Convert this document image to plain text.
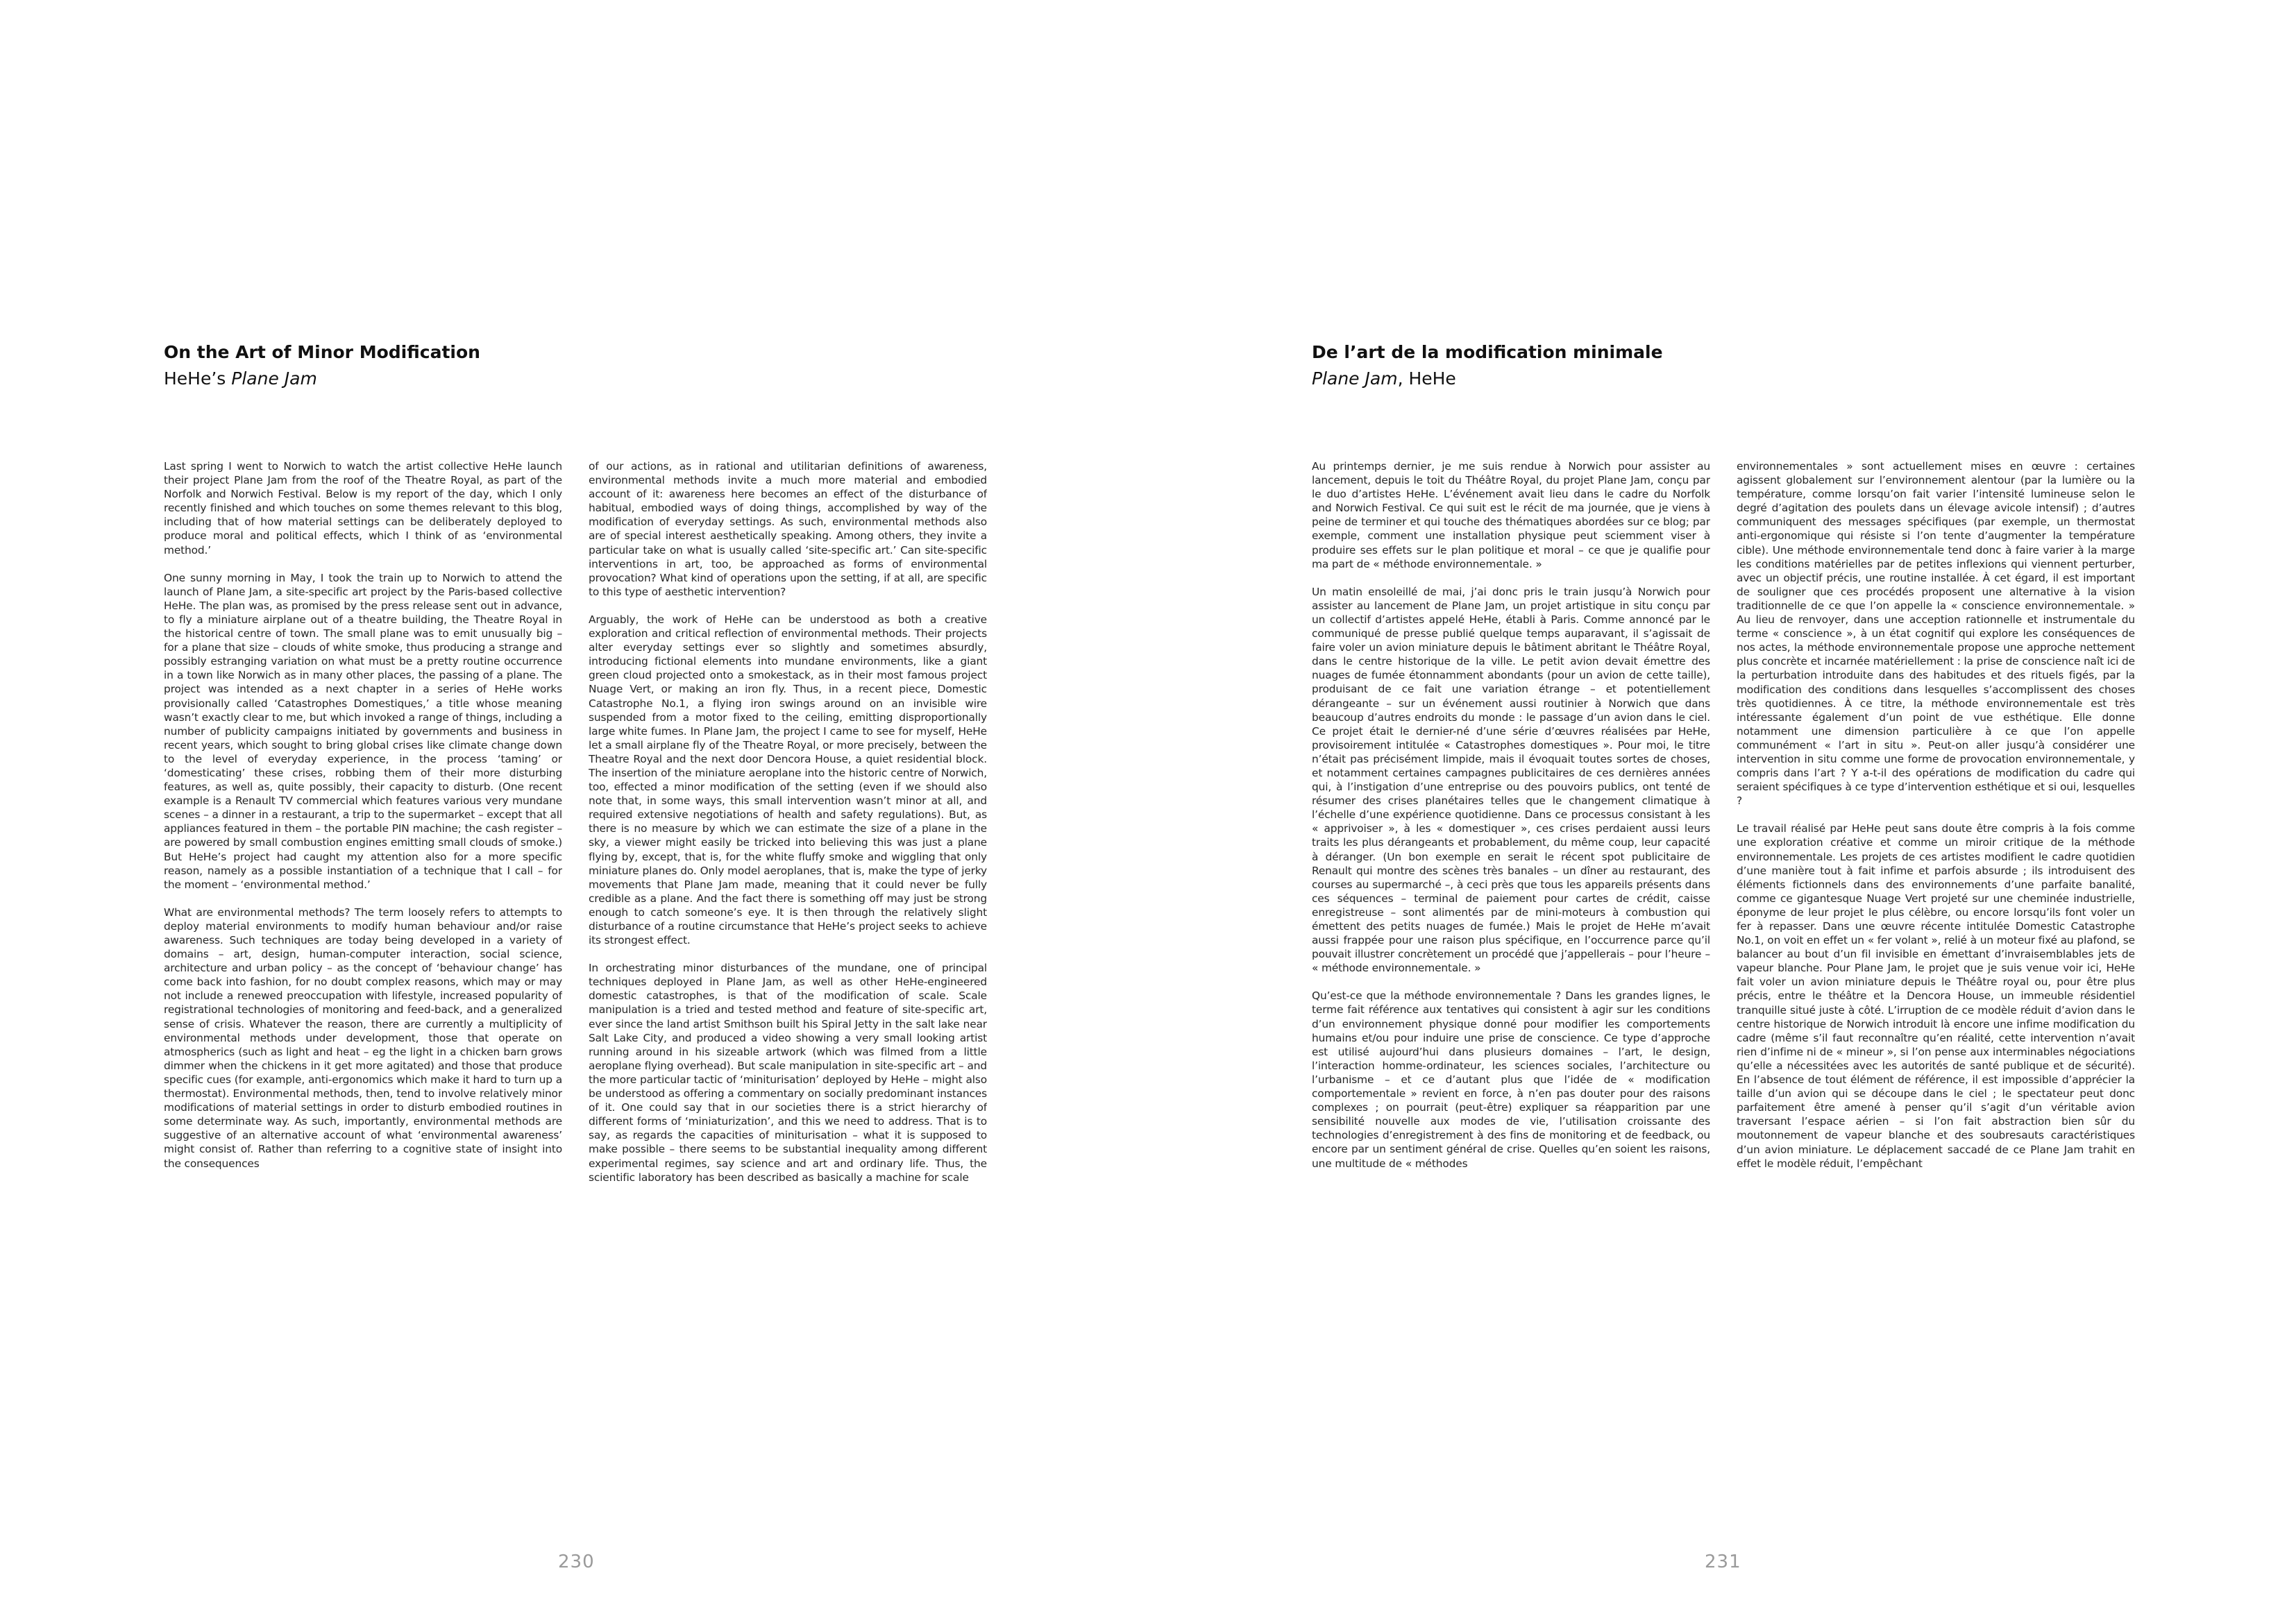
On the Art of Minor Modification

HeHe’s Plane Jam

Last spring I went to Norwich to watch the artist collective HeHe launch their project Plane Jam from the roof of the Theatre Royal, as part of the Norfolk and Norwich Festival. Below is my report of the day, which I only recently finished and which touches on some themes relevant to this blog, including that of how material settings can be deliberately deployed to produce moral and political effects, which I think of as ‘environmental method.’

One sunny morning in May, I took the train up to Norwich to attend the launch of Plane Jam, a site-specific art project by the Paris-based collective HeHe. The plan was, as promised by the press release sent out in advance, to fly a miniature airplane out of a theatre building, the Theatre Royal in the historical centre of town. The small plane was to emit unusually big – for a plane that size – clouds of white smoke, thus producing a strange and possibly estranging variation on what must be a pretty routine occurrence in a town like Norwich as in many other places, the passing of a plane. The project was intended as a next chapter in a series of HeHe works provisionally called ‘Catastrophes Domestiques,’ a title whose meaning wasn’t exactly clear to me, but which invoked a range of things, including a number of publicity campaigns initiated by governments and business in recent years, which sought to bring global crises like climate change down to the level of everyday experience, in the process ‘taming’ or ‘domesticating’ these crises, robbing them of their more disturbing features, as well as, quite possibly, their capacity to disturb. (One recent example is a Renault TV commercial which features various very mundane scenes – a dinner in a restaurant, a trip to the supermarket – except that all appliances featured in them – the portable PIN machine; the cash register – are powered by small combustion engines emitting small clouds of smoke.) But HeHe’s project had caught my attention also for a more specific reason, namely as a possible instantiation of a technique that I call – for the moment – ‘environmental method.’

What are environmental methods? The term loosely refers to attempts to deploy material environments to modify human behaviour and/or raise awareness. Such techniques are today being developed in a variety of domains – art, design, human-computer interaction, social science, architecture and urban policy – as the concept of ‘behaviour change’ has come back into fashion, for no doubt complex reasons, which may or may not include a renewed preoccupation with lifestyle, increased popularity of registrational technologies of monitoring and feed-back, and a generalized sense of crisis. Whatever the reason, there are currently a multiplicity of environmental methods under development, those that operate on atmospherics (such as light and heat – eg the light in a chicken barn grows dimmer when the chickens in it get more agitated) and those that produce specific cues (for example, anti-ergonomics which make it hard to turn up a thermostat). Environmental methods, then, tend to involve relatively minor modifications of material settings in order to disturb embodied routines in some determinate way. As such, importantly, environmental methods are suggestive of an alternative account of what ‘environmental awareness’ might consist of. Rather than referring to a cognitive state of insight into the consequences

of our actions, as in rational and utilitarian definitions of awareness, environmental methods invite a much more material and embodied account of it: awareness here becomes an effect of the disturbance of habitual, embodied ways of doing things, accomplished by way of the modification of everyday settings. As such, environmental methods also are of special interest aesthetically speaking. Among others, they invite a particular take on what is usually called ‘site-specific art.’ Can site-specific interventions in art, too, be approached as forms of environmental provocation? What kind of operations upon the setting, if at all, are specific to this type of aesthetic intervention?

Arguably, the work of HeHe can be understood as both a creative exploration and critical reflection of environmental methods. Their projects alter everyday settings ever so slightly and sometimes absurdly, introducing fictional elements into mundane environments, like a giant green cloud projected onto a smokestack, as in their most famous project Nuage Vert, or making an iron fly. Thus, in a recent piece, Domestic Catastrophe No.1, a flying iron swings around on an invisible wire suspended from a motor fixed to the ceiling, emitting disproportionally large white fumes. In Plane Jam, the project I came to see for myself, HeHe let a small airplane fly of the Theatre Royal, or more precisely, between the Theatre Royal and the next door Dencora House, a quiet residential block. The insertion of the miniature aeroplane into the historic centre of Norwich, too, effected a minor modification of the setting (even if we should also note that, in some ways, this small intervention wasn’t minor at all, and required extensive negotiations of health and safety regulations). But, as there is no measure by which we can estimate the size of a plane in the sky, a viewer might easily be tricked into believing this was just a plane flying by, except, that is, for the white fluffy smoke and wiggling that only miniature planes do. Only model aeroplanes, that is, make the type of jerky movements that Plane Jam made, meaning that it could never be fully credible as a plane. And the fact there is something off may just be strong enough to catch someone’s eye. It is then through the relatively slight disturbance of a routine circumstance that HeHe’s project seeks to achieve its strongest effect.

In orchestrating minor disturbances of the mundane, one of principal techniques deployed in Plane Jam, as well as other HeHe-engineered domestic catastrophes, is that of the modification of scale. Scale manipulation is a tried and tested method and feature of site-specific art, ever since the land artist Smithson built his Spiral Jetty in the salt lake near Salt Lake City, and produced a video showing a very small looking artist running around in his sizeable artwork (which was filmed from a little aeroplane flying overhead). But scale manipulation in site-specific art – and the more particular tactic of ‘miniturisation’ deployed by HeHe – might also be understood as offering a commentary on socially predominant instances of it. One could say that in our societies there is a strict hierarchy of different forms of ‘miniaturization’, and this we need to address. That is to say, as regards the capacities of miniturisation – what it is supposed to make possible – there seems to be substantial inequality among different experimental regimes, say science and art and ordinary life. Thus, the scientific laboratory has been described as basically a machine for scale

230
De l’art de la modification minimale

Plane Jam, HeHe

Au printemps dernier, je me suis rendue à Norwich pour assister au lancement, depuis le toit du Théâtre Royal, du projet Plane Jam, conçu par le duo d’artistes HeHe. L’événement avait lieu dans le cadre du Norfolk and Norwich Festival. Ce qui suit est le récit de ma journée, que je viens à peine de terminer et qui touche des thématiques abordées sur ce blog; par exemple, comment une installation physique peut sciemment viser à produire ses effets sur le plan politique et moral – ce que je qualifie pour ma part de « méthode environnementale. »

Un matin ensoleillé de mai, j’ai donc pris le train jusqu’à Norwich pour assister au lancement de Plane Jam, un projet artistique in situ conçu par un collectif d’artistes appelé HeHe, établi à Paris. Comme annoncé par le communiqué de presse publié quelque temps auparavant, il s’agissait de faire voler un avion miniature depuis le bâtiment abritant le Théâtre Royal, dans le centre historique de la ville. Le petit avion devait émettre des nuages de fumée étonnamment abondants (pour un avion de cette taille), produisant de ce fait une variation étrange – et potentiellement dérangeante – sur un événement aussi routinier à Norwich que dans beaucoup d’autres endroits du monde : le passage d’un avion dans le ciel. Ce projet était le dernier-né d’une série d’œuvres réalisées par HeHe, provisoirement intitulée « Catastrophes domestiques ». Pour moi, le titre n’était pas précisément limpide, mais il évoquait toutes sortes de choses, et notamment certaines campagnes publicitaires de ces dernières années qui, à l’instigation d’une entreprise ou des pouvoirs publics, ont tenté de résumer des crises planétaires telles que le changement climatique à l’échelle d’une expérience quotidienne. Dans ce processus consistant à les « apprivoiser », à les « domestiquer », ces crises perdaient aussi leurs traits les plus dérangeants et probablement, du même coup, leur capacité à déranger. (Un bon exemple en serait le récent spot publicitaire de Renault qui montre des scènes très banales – un dîner au restaurant, des courses au supermarché –, à ceci près que tous les appareils présents dans ces séquences – terminal de paiement pour cartes de crédit, caisse enregistreuse – sont alimentés par de mini-moteurs à combustion qui émettent des petits nuages de fumée.) Mais le projet de HeHe m’avait aussi frappée pour une raison plus spécifique, en l’occurrence parce qu’il pouvait illustrer concrètement un procédé que j’appellerais – pour l’heure – « méthode environnementale. »

Qu’est-ce que la méthode environnementale ? Dans les grandes lignes, le terme fait référence aux tentatives qui consistent à agir sur les conditions d’un environnement physique donné pour modifier les comportements humains et/ou pour induire une prise de conscience. Ce type d’approche est utilisé aujourd’hui dans plusieurs domaines – l’art, le design, l’interaction homme-ordinateur, les sciences sociales, l’architecture ou l’urbanisme – et ce d’autant plus que l’idée de « modification comportementale » revient en force, à n’en pas douter pour des raisons complexes ; on pourrait (peut-être) expliquer sa réapparition par une sensibilité nouvelle aux modes de vie, l’utilisation croissante des technologies d’enregistrement à des fins de monitoring et de feedback, ou encore par un sentiment général de crise. Quelles qu’en soient les raisons, une multitude de « méthodes

environnementales » sont actuellement mises en œuvre : certaines agissent globalement sur l’environnement alentour (par la lumière ou la température, comme lorsqu’on fait varier l’intensité lumineuse selon le degré d’agitation des poulets dans un élevage avicole intensif) ; d’autres communiquent des messages spécifiques (par exemple, un thermostat anti-ergonomique qui résiste si l’on tente d’augmenter la température cible). Une méthode environnementale tend donc à faire varier à la marge les conditions matérielles par de petites inflexions qui viennent perturber, avec un objectif précis, une routine installée. À cet égard, il est important de souligner que ces procédés proposent une alternative à la vision traditionnelle de ce que l’on appelle la « conscience environnementale. » Au lieu de renvoyer, dans une acception rationnelle et instrumentale du terme « conscience », à un état cognitif qui explore les conséquences de nos actes, la méthode environnementale propose une approche nettement plus concrète et incarnée matériellement : la prise de conscience naît ici de la perturbation introduite dans des habitudes et des rituels figés, par la modification des conditions dans lesquelles s’accomplissent des choses très quotidiennes. À ce titre, la méthode environnementale est très intéressante également d’un point de vue esthétique. Elle donne notamment une dimension particulière à ce que l’on appelle communément « l’art in situ ». Peut-on aller jusqu’à considérer une intervention in situ comme une forme de provocation environnementale, y compris dans l’art ? Y a-t-il des opérations de modification du cadre qui seraient spécifiques à ce type d’intervention esthétique et si oui, lesquelles ?

Le travail réalisé par HeHe peut sans doute être compris à la fois comme une exploration créative et comme un miroir critique de la méthode environnementale. Les projets de ces artistes modifient le cadre quotidien d’une manière tout à fait infime et parfois absurde ; ils introduisent des éléments fictionnels dans des environnements d’une parfaite banalité, comme ce gigantesque Nuage Vert projeté sur une cheminée industrielle, éponyme de leur projet le plus célèbre, ou encore lorsqu’ils font voler un fer à repasser. Dans une œuvre récente intitulée Domestic Catastrophe No.1, on voit en effet un « fer volant », relié à un moteur fixé au plafond, se balancer au bout d’un fil invisible en émettant d’invraisemblables jets de vapeur blanche. Pour Plane Jam, le projet que je suis venue voir ici, HeHe fait voler un avion miniature depuis le Théâtre royal ou, pour être plus précis, entre le théâtre et la Dencora House, un immeuble résidentiel tranquille situé juste à côté. L’irruption de ce modèle réduit d’avion dans le centre historique de Norwich introduit là encore une infime modification du cadre (même s’il faut reconnaître qu’en réalité, cette intervention n’avait rien d’infime ni de « mineur », si l’on pense aux interminables négociations qu’elle a nécessitées avec les autorités de santé publique et de sécurité). En l’absence de tout élément de référence, il est impossible d’apprécier la taille d’un avion qui se découpe dans le ciel ; le spectateur peut donc parfaitement être amené à penser qu’il s’agit d’un véritable avion traversant l’espace aérien – si l’on fait abstraction bien sûr du moutonnement de vapeur blanche et des soubresauts caractéristiques d’un avion miniature. Le déplacement saccadé de ce Plane Jam trahit en effet le modèle réduit, l’empêchant

231
